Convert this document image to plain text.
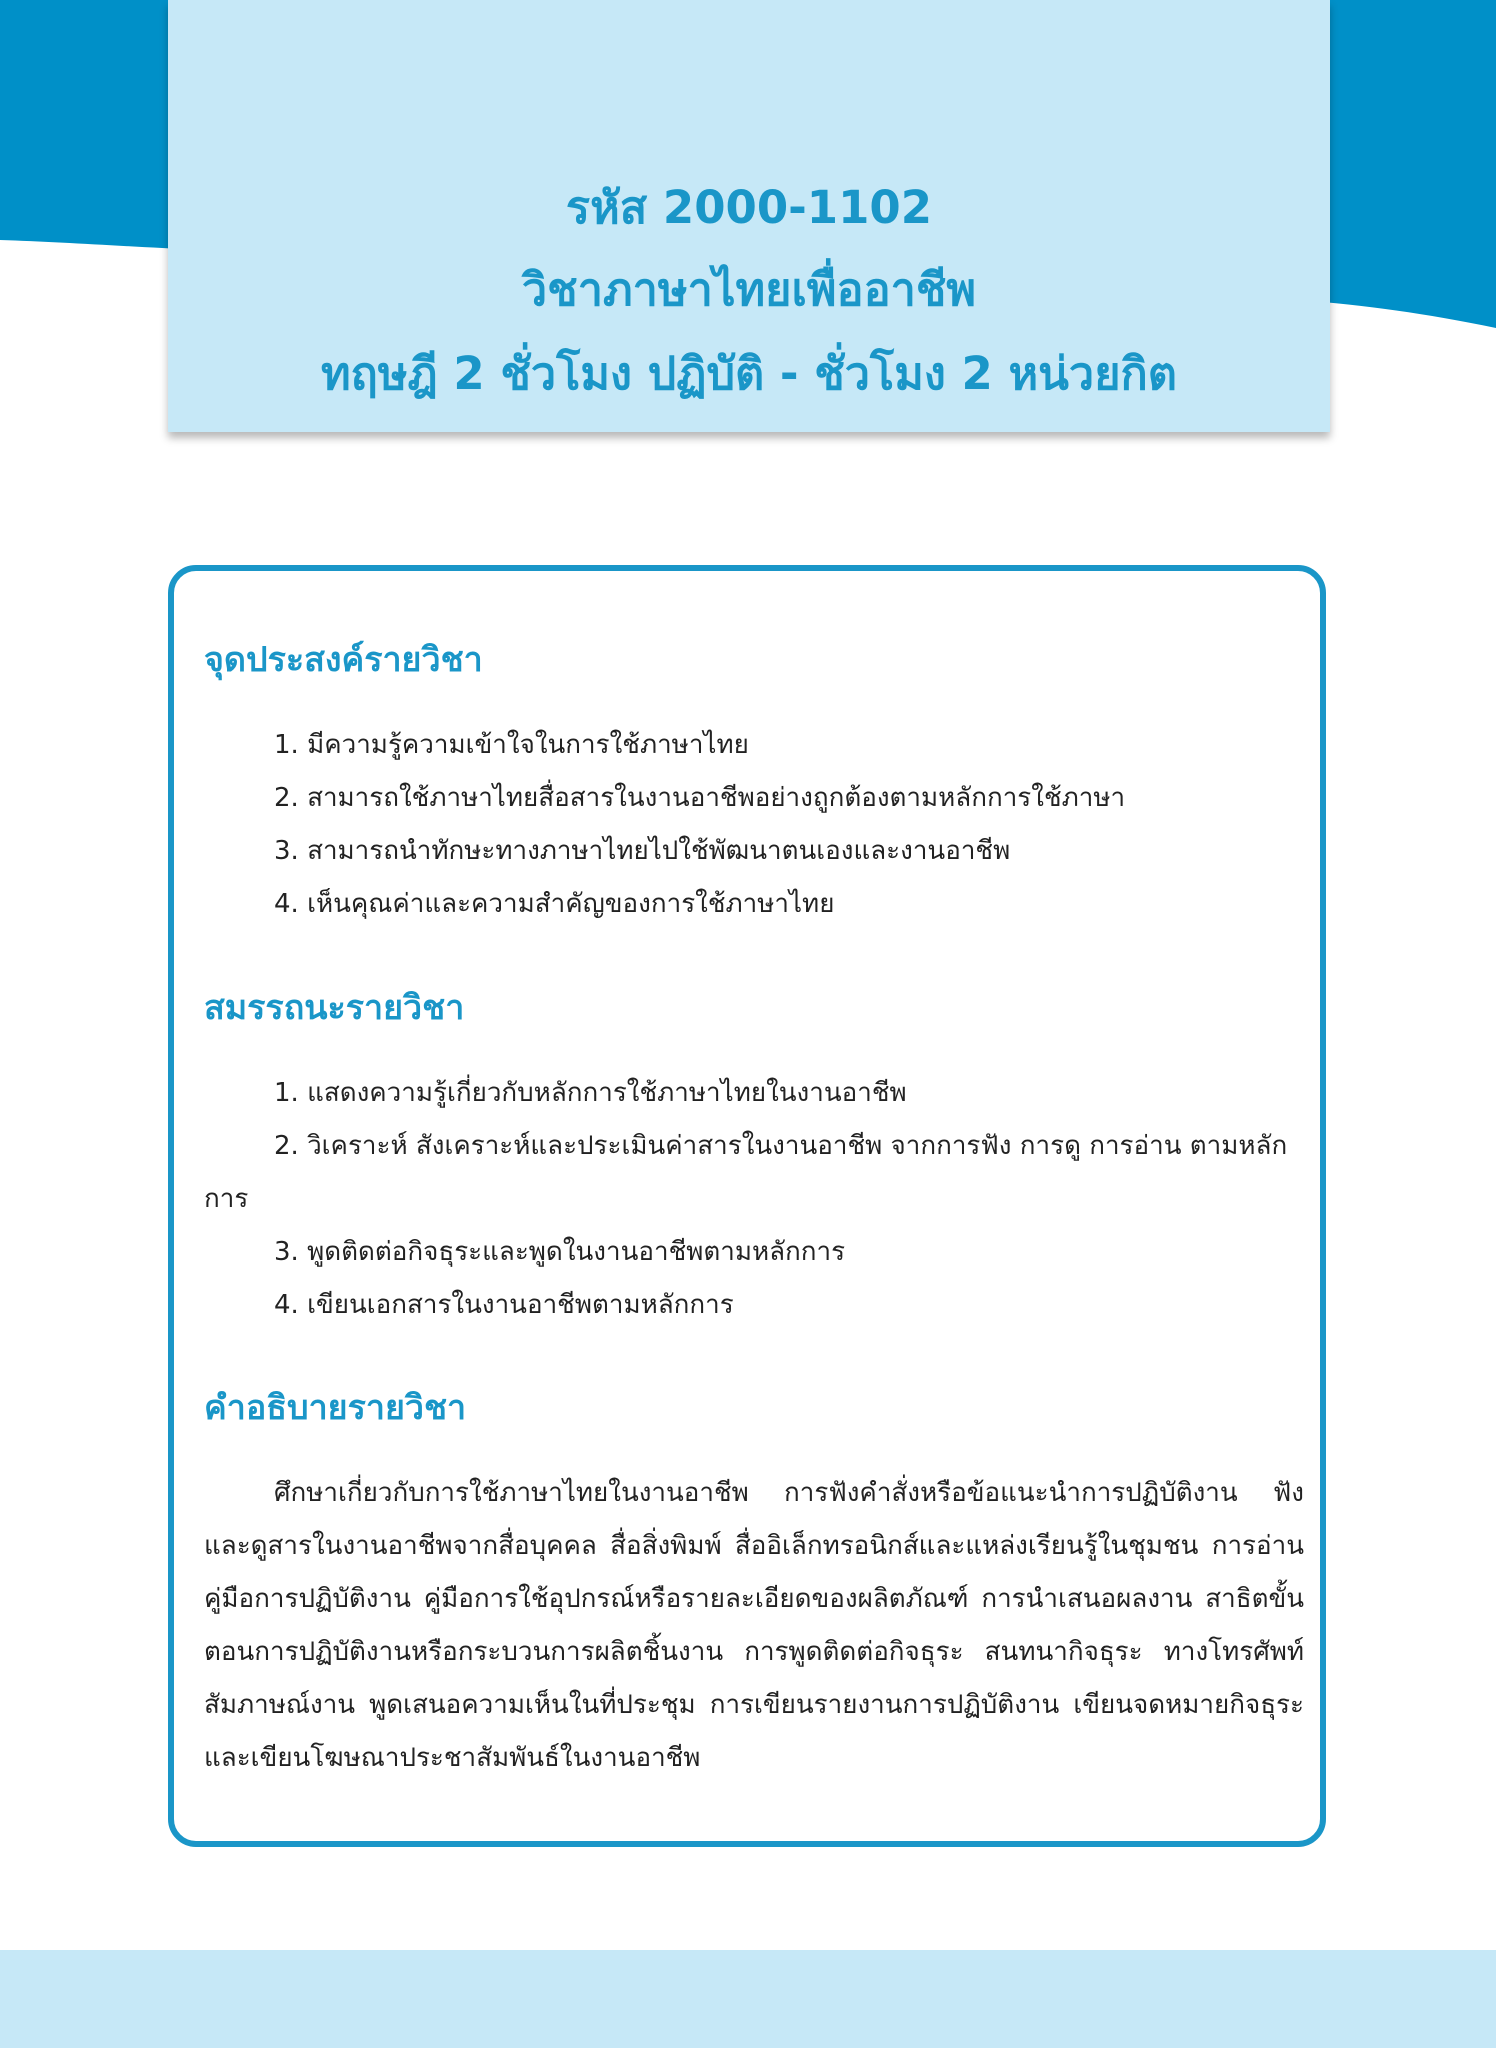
รหัส 2000-1102
วิชาภาษาไทยเพื่ออาชีพ
ทฤษฎี 2 ชั่วโมง ปฏิบัติ - ชั่วโมง 2 หน่วยกิต
จุดประสงค์รายวิชา
1. มีความรู้ความเข้าใจในการใช้ภาษาไทย
2. สามารถใช้ภาษาไทยสื่อสารในงานอาชีพอย่างถูกต้องตามหลักการใช้ภาษา
3. สามารถนำทักษะทางภาษาไทยไปใช้พัฒนาตนเองและงานอาชีพ
4. เห็นคุณค่าและความสำคัญของการใช้ภาษาไทย
สมรรถนะรายวิชา
1. แสดงความรู้เกี่ยวกับหลักการใช้ภาษาไทยในงานอาชีพ
2. วิเคราะห์ สังเคราะห์และประเมินค่าสารในงานอาชีพ จากการฟัง การดู การอ่าน ตามหลักการ
3. พูดติดต่อกิจธุระและพูดในงานอาชีพตามหลักการ
4. เขียนเอกสารในงานอาชีพตามหลักการ
คำอธิบายรายวิชา

ศึกษาเกี่ยวกับการใช้ภาษาไทยในงานอาชีพ การฟังคำสั่งหรือข้อแนะนำการปฏิบัติงาน ฟัง และดูสารในงานอาชีพจากสื่อบุคคล สื่อสิ่งพิมพ์ สื่ออิเล็กทรอนิกส์และแหล่งเรียนรู้ในชุมชน การอ่านคู่มือการปฏิบัติงาน คู่มือการใช้อุปกรณ์หรือรายละเอียดของผลิตภัณฑ์ การนำเสนอผลงาน สาธิตขั้นตอนการปฏิบัติงานหรือกระบวนการผลิตชิ้นงาน การพูดติดต่อกิจธุระ สนทนากิจธุระ ทางโทรศัพท์ สัมภาษณ์งาน พูดเสนอความเห็นในที่ประชุม การเขียนรายงานการปฏิบัติงาน เขียนจดหมายกิจธุระ และเขียนโฆษณาประชาสัมพันธ์ในงานอาชีพ
